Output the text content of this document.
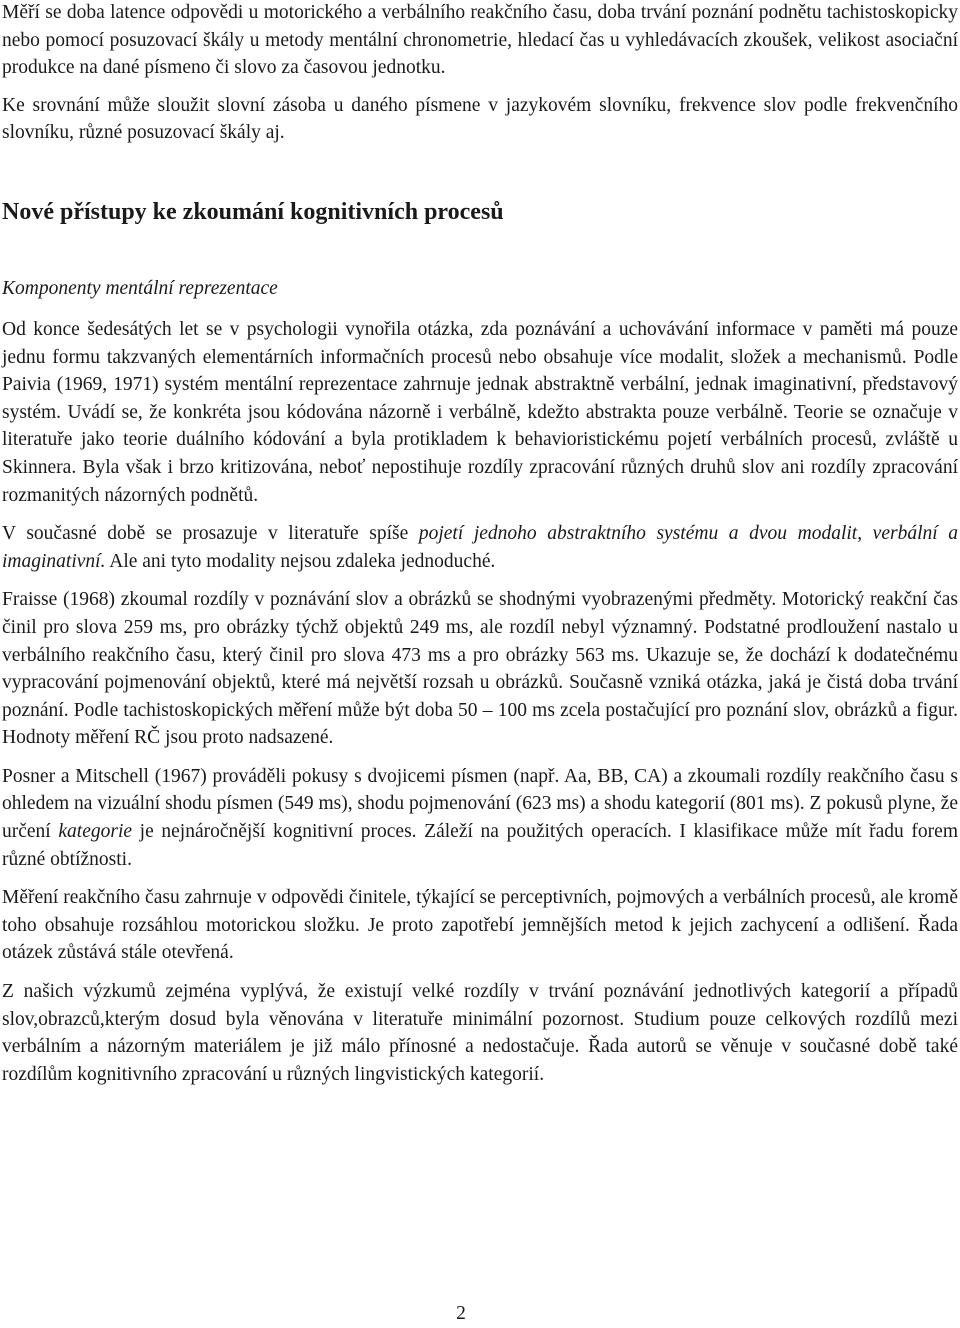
Měří se doba latence odpovědi u motorického a verbálního reakčního času, doba trvání poznání podnětu tachistoskopicky nebo pomocí posuzovací škály u metody mentální chronometrie, hledací čas u vyhledávacích zkoušek, velikost asociační produkce na dané písmeno či slovo za časovou jednotku.

Ke srovnání může sloužit slovní zásoba u daného písmene v jazykovém slovníku, frekvence slov podle frekvenčního slovníku, různé posuzovací škály aj.

Nové přístupy ke zkoumání kognitivních procesů
Komponenty mentální reprezentace

Od konce šedesátých let se v psychologii vynořila otázka, zda poznávání a uchovávání informace v paměti má pouze jednu formu takzvaných elementárních informačních procesů nebo obsahuje více modalit, složek a mechanismů. Podle Paivia (1969, 1971) systém mentální reprezentace zahrnuje jednak abstraktně verbální, jednak imaginativní, představový systém. Uvádí se, že konkréta jsou kódována názorně i verbálně, kdežto abstrakta pouze verbálně. Teorie se označuje v literatuře jako teorie duálního kódování a byla protikladem k behavioristickému pojetí verbálních procesů, zvláště u Skinnera. Byla však i brzo kritizována, neboť nepostihuje rozdíly zpracování různých druhů slov ani rozdíly zpracování rozmanitých názorných podnětů.

V současné době se prosazuje v literatuře spíše pojetí jednoho abstraktního systému a dvou modalit, verbální a imaginativní. Ale ani tyto modality nejsou zdaleka jednoduché.

Fraisse (1968) zkoumal rozdíly v poznávání slov a obrázků se shodnými vyobrazenými předměty. Motorický reakční čas činil pro slova 259 ms, pro obrázky týchž objektů 249 ms, ale rozdíl nebyl významný. Podstatné prodloužení nastalo u verbálního reakčního času, který činil pro slova 473 ms a pro obrázky 563 ms. Ukazuje se, že dochází k dodatečnému vypracování pojmenování objektů, které má největší rozsah u obrázků. Současně vzniká otázka, jaká je čistá doba trvání poznání. Podle tachistoskopických měření může být doba 50 – 100 ms zcela postačující pro poznání slov, obrázků a figur. Hodnoty měření RČ jsou proto nadsazené.

Posner a Mitschell (1967) prováděli pokusy s dvojicemi písmen (např. Aa, BB, CA) a zkoumali rozdíly reakčního času s ohledem na vizuální shodu písmen (549 ms), shodu pojmenování (623 ms) a shodu kategorií (801 ms). Z pokusů plyne, že určení kategorie je nejnáročnější kognitivní proces. Záleží na použitých operacích. I klasifikace může mít řadu forem různé obtížnosti.

Měření reakčního času zahrnuje v odpovědi činitele, týkající se perceptivních, pojmových a verbálních procesů, ale kromě toho obsahuje rozsáhlou motorickou složku. Je proto zapotřebí jemnějších metod k jejich zachycení a odlišení. Řada otázek zůstává stále otevřená.

Z našich výzkumů zejména vyplývá, že existují velké rozdíly v trvání poznávání jednotlivých kategorií a případů slov,obrazců,kterým dosud byla věnována v literatuře minimální pozornost. Studium pouze celkových rozdílů mezi verbálním a názorným materiálem je již málo přínosné a nedostačuje. Řada autorů se věnuje v současné době také rozdílům kognitivního zpracování u různých lingvistických kategorií.

2
